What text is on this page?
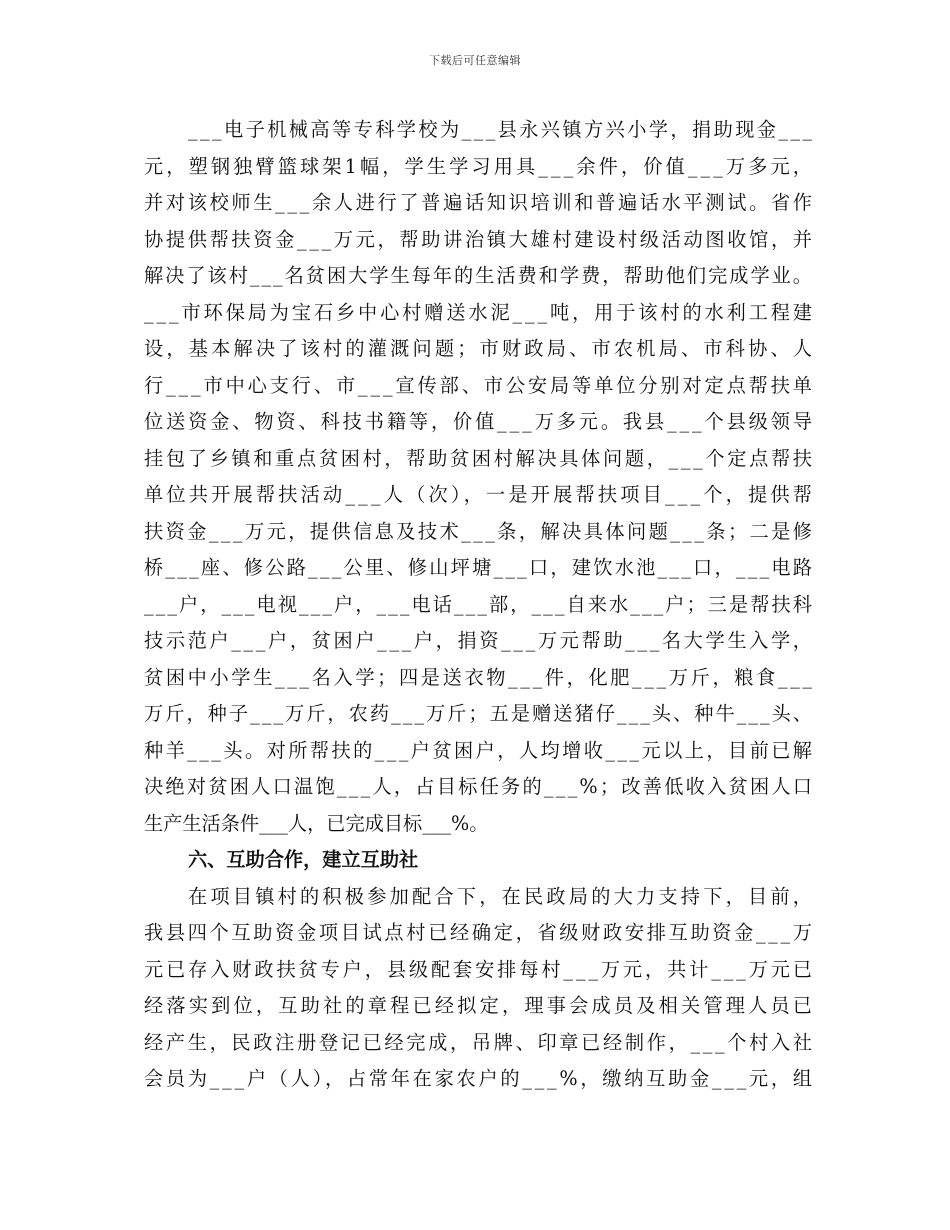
下载后可任意编辑
___电子机械高等专科学校为___县永兴镇方兴小学，捐助现金___
元，塑钢独臂篮球架1幅，学生学习用具___余件，价值___万多元，
并对该校师生___余人进行了普遍话知识培训和普遍话水平测试。省作
协提供帮扶资金___万元，帮助讲治镇大雄村建设村级活动图收馆，并
解决了该村___名贫困大学生每年的生活费和学费，帮助他们完成学业。
___市环保局为宝石乡中心村赠送水泥___吨，用于该村的水利工程建
设，基本解决了该村的灌溉问题；市财政局、市农机局、市科协、人
行___市中心支行、市___宣传部、市公安局等单位分别对定点帮扶单
位送资金、物资、科技书籍等，价值___万多元。我县___个县级领导
挂包了乡镇和重点贫困村，帮助贫困村解决具体问题，___个定点帮扶
单位共开展帮扶活动___人（次），一是开展帮扶项目___个，提供帮
扶资金___万元，提供信息及技术___条，解决具体问题___条；二是修
桥___座、修公路___公里、修山坪塘___口，建饮水池___口，___电路
___户，___电视___户，___电话___部，___自来水___户；三是帮扶科
技示范户___户，贫困户___户，捐资___万元帮助___名大学生入学，
贫困中小学生___名入学；四是送衣物___件，化肥___万斤，粮食___
万斤，种子___万斤，农药___万斤；五是赠送猪仔___头、种牛___头、
种羊___头。对所帮扶的___户贫困户，人均增收___元以上，目前已解
决绝对贫困人口温饱___人，占目标任务的___%；改善低收入贫困人口
生产生活条件___人，已完成目标___%。
六、互助合作，建立互助社
在项目镇村的积极参加配合下，在民政局的大力支持下，目前，
我县四个互助资金项目试点村已经确定，省级财政安排互助资金___万
元已存入财政扶贫专户，县级配套安排每村___万元，共计___万元已
经落实到位，互助社的章程已经拟定，理事会成员及相关管理人员已
经产生，民政注册登记已经完成，吊牌、印章已经制作，___个村入社
会员为___户（人），占常年在家农户的___%，缴纳互助金___元，组
